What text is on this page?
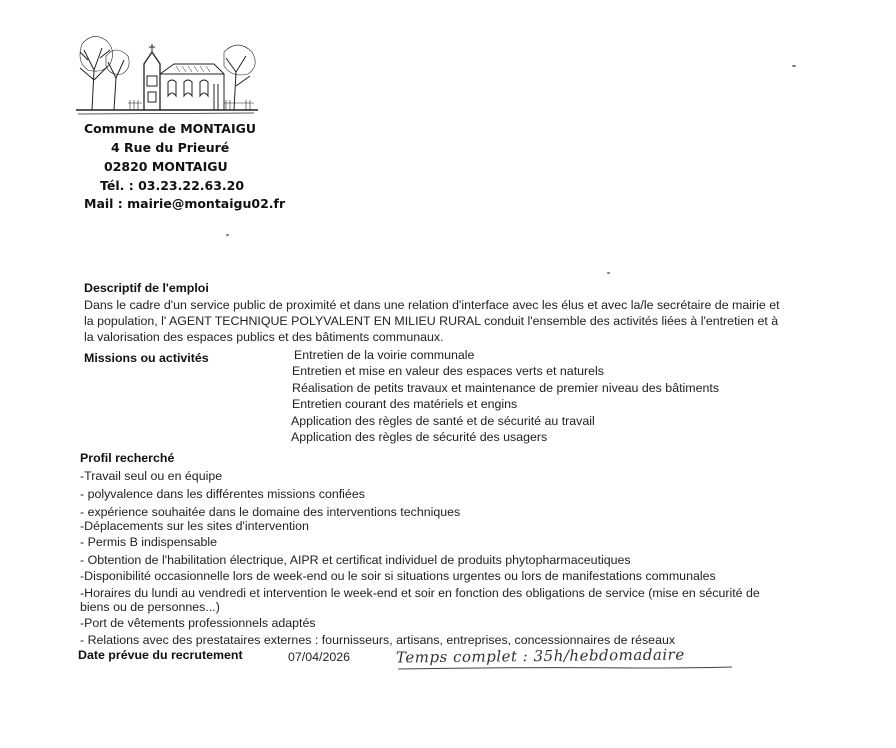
Commune de MONTAIGU
4 Rue du Prieuré
02820 MONTAIGU
Tél. : 03.23.22.63.20
Mail : mairie@montaigu02.fr
Descriptif de l'emploi
Dans le cadre d'un service public de proximité et dans une relation d'interface avec les élus et avec la/le secrétaire de mairie et
la population, l' AGENT TECHNIQUE POLYVALENT EN MILIEU RURAL conduit l'ensemble des activités liées à l'entretien et à
la valorisation des espaces publics et des bâtiments communaux.
Missions ou activités	Entretien de la voirie communale
Entretien et mise en valeur des espaces verts et naturels
Réalisation de petits travaux et maintenance de premier niveau des bâtiments
Entretien courant des matériels et engins
Application des règles de santé et de sécurité au travail
Application des règles de sécurité des usagers
Profil recherché
-Travail seul ou en équipe
- polyvalence dans les différentes missions confiées
- expérience souhaitée dans le domaine des interventions techniques
-Déplacements sur les sites d'intervention
- Permis B indispensable
- Obtention de l'habilitation électrique, AIPR et certificat individuel de produits phytopharmaceutiques
-Disponibilité occasionnelle lors de week-end ou le soir si situations urgentes ou lors de manifestations communales
-Horaires du lundi au vendredi et intervention le week-end et soir en fonction des obligations de service (mise en sécurité de
biens ou de personnes...)
-Port de vêtements professionnels adaptés
- Relations avec des prestataires externes : fournisseurs, artisans, entreprises, concessionnaires de réseaux
Date prévue du recrutement	07/04/2026	Temps complet : 35h/hebdomadaire
